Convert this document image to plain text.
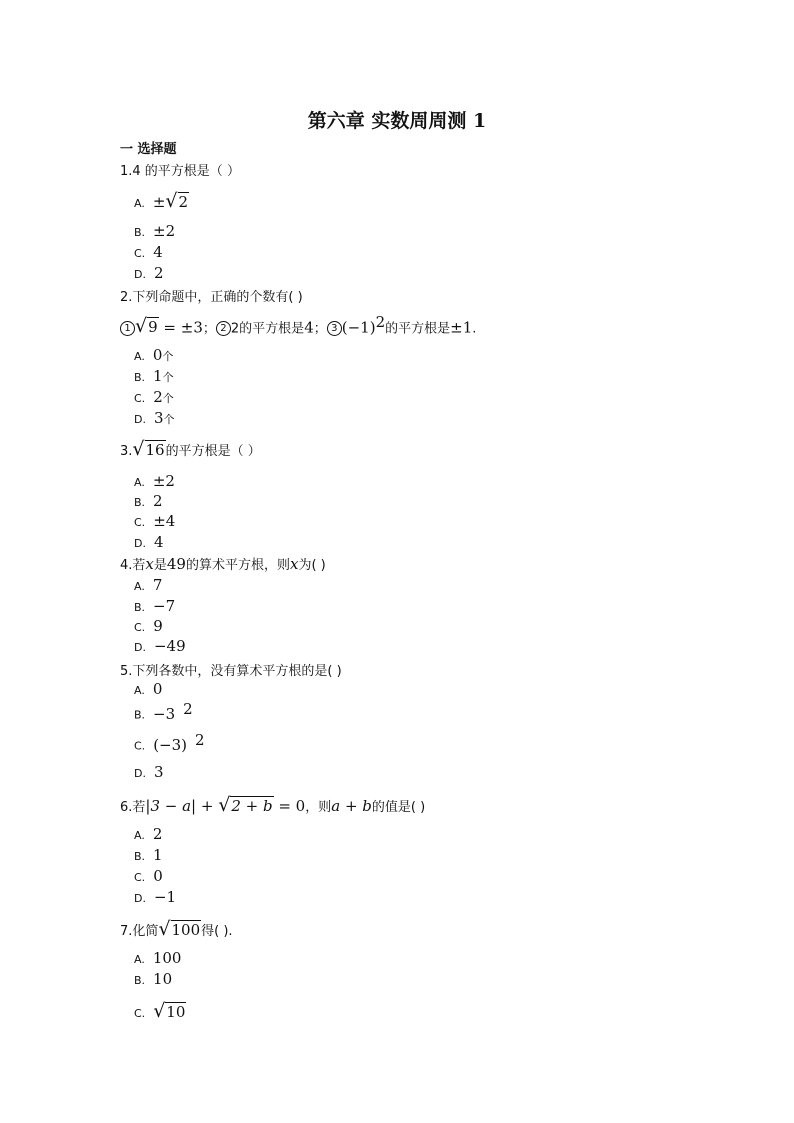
第六章 实数周周测 1
一 选择题
1.4 的平方根是（ ）
A. ±√2
B. ±2
C. 4
D. 2
2.下列命题中，正确的个数有( )
1 √9 = ±3； 2 2的平方根是4； 3 $(-1)^2$的平方根是±1.
A. 0个
B. 1个
C. 2个
D. 3个
3.√16的平方根是（ ）
A. ±2
B. 2
C. ±4
D. 4
4.若x是49的算术平方根，则x为( )
A. 7
B. −7
C. 9
D. −49
5.下列各数中，没有算术平方根的是( )
A. 0
B. −3 $^2$
C. (−3) $^2$
D. 3
6.若|3 − a| + √2 + b = 0，则a + b的值是( )
A. 2
B. 1
C. 0
D. −1
7.化简√100得( ).
A. 100
B. 10
C. √10
